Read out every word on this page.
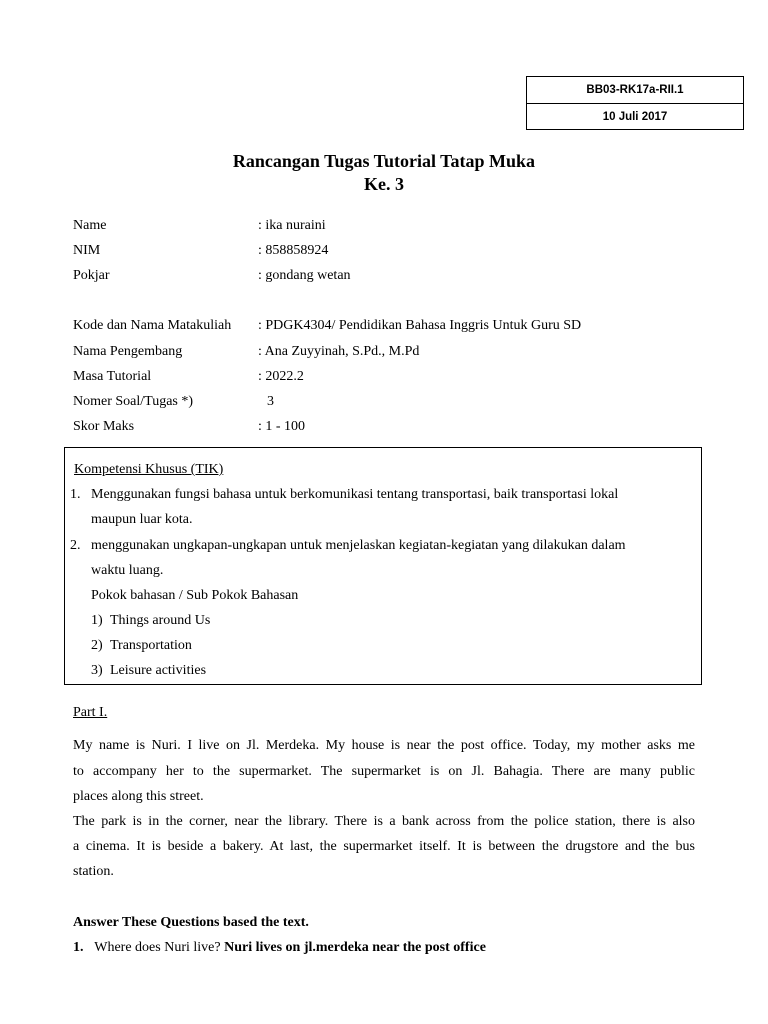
BB03-RK17a-RII.1
10 Juli 2017
Rancangan Tugas Tutorial Tatap Muka
Ke. 3
Name	: ika nuraini
NIM	: 858858924
Pokjar	: gondang wetan
Kode dan Nama Matakuliah : PDGK4304/ Pendidikan Bahasa Inggris Untuk Guru SD
Nama Pengembang	: Ana Zuyyinah, S.Pd., M.Pd
Masa Tutorial	: 2022.2
Nomer Soal/Tugas *)	3
Skor Maks	: 1 - 100
Kompetensi Khusus (TIK)
1. Menggunakan fungsi bahasa untuk berkomunikasi tentang transportasi, baik transportasi lokal
maupun luar kota.
2. menggunakan ungkapan-ungkapan untuk menjelaskan kegiatan-kegiatan yang dilakukan dalam
waktu luang.
Pokok bahasan / Sub Pokok Bahasan
1) Things around Us
2) Transportation
3) Leisure activities
Part I.
My name is Nuri. I live on Jl. Merdeka. My house is near the post office. Today, my mother asks me
to accompany her to the supermarket. The supermarket is on Jl. Bahagia. There are many public
places along this street.
The park is in the corner, near the library. There is a bank across from the police station, there is also
a cinema. It is beside a bakery. At last, the supermarket itself. It is between the drugstore and the bus
station.
Answer These Questions based the text.
1. Where does Nuri live? Nuri lives on jl.merdeka near the post office
